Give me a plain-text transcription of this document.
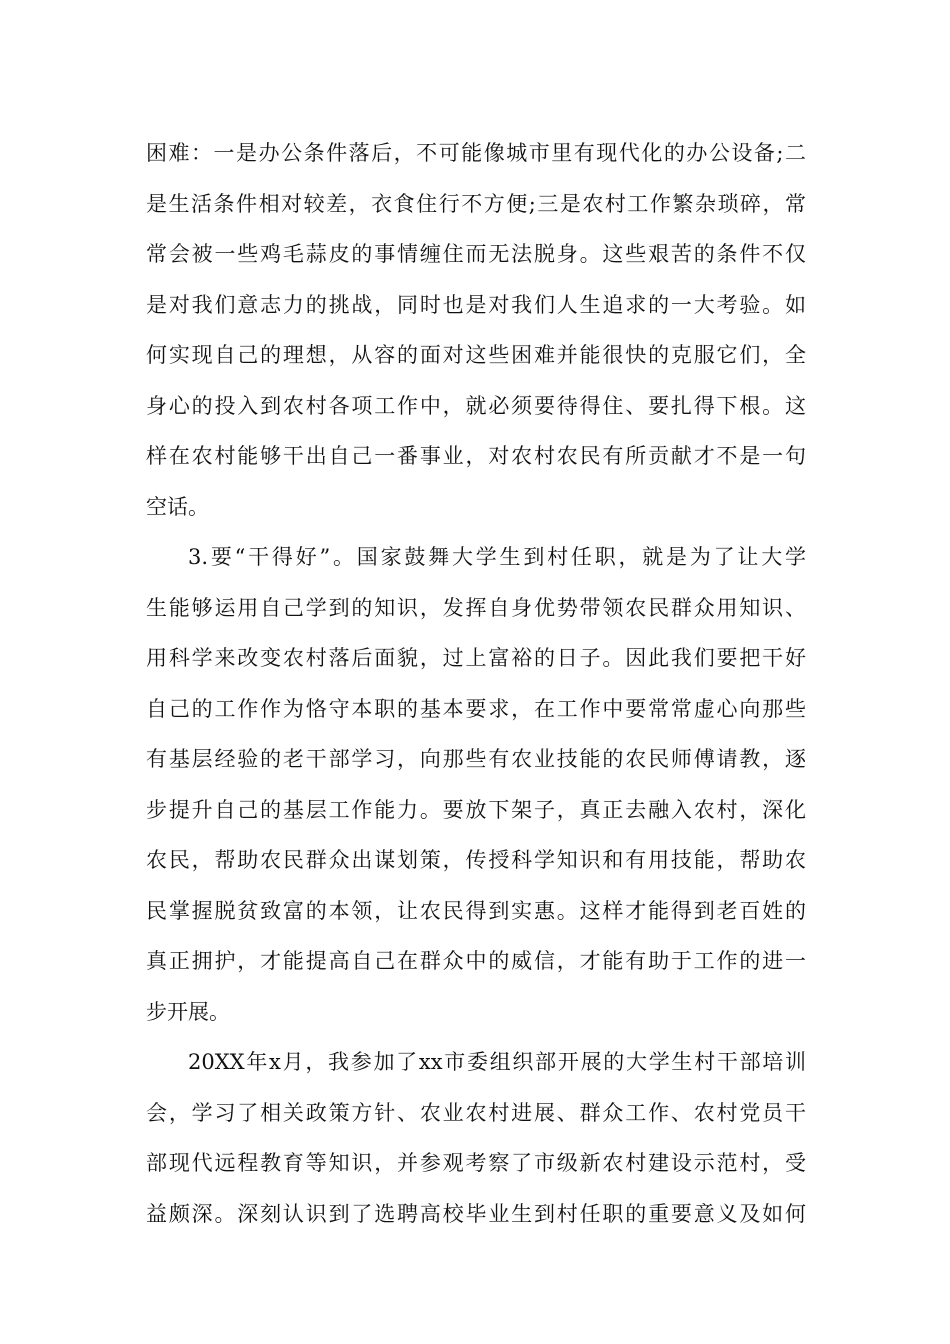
困难：一是办公条件落后，不可能像城市里有现代化的办公设备;二
是生活条件相对较差，衣食住行不方便;三是农村工作繁杂琐碎，常
常会被一些鸡毛蒜皮的事情缠住而无法脱身。这些艰苦的条件不仅
是对我们意志力的挑战，同时也是对我们人生追求的一大考验。如
何实现自己的理想，从容的面对这些困难并能很快的克服它们，全
身心的投入到农村各项工作中，就必须要待得住、要扎得下根。这
样在农村能够干出自己一番事业，对农村农民有所贡献才不是一句
空话。
3.要“干得好”。国家鼓舞大学生到村任职，就是为了让大学
生能够运用自己学到的知识，发挥自身优势带领农民群众用知识、
用科学来改变农村落后面貌，过上富裕的日子。因此我们要把干好
自己的工作作为恪守本职的基本要求，在工作中要常常虚心向那些
有基层经验的老干部学习，向那些有农业技能的农民师傅请教，逐
步提升自己的基层工作能力。要放下架子，真正去融入农村，深化
农民，帮助农民群众出谋划策，传授科学知识和有用技能，帮助农
民掌握脱贫致富的本领，让农民得到实惠。这样才能得到老百姓的
真正拥护，才能提高自己在群众中的威信，才能有助于工作的进一
步开展。
20XX年x月，我参加了xx市委组织部开展的大学生村干部培训
会，学习了相关政策方针、农业农村进展、群众工作、农村党员干
部现代远程教育等知识，并参观考察了市级新农村建设示范村，受
益颇深。深刻认识到了选聘高校毕业生到村任职的重要意义及如何
